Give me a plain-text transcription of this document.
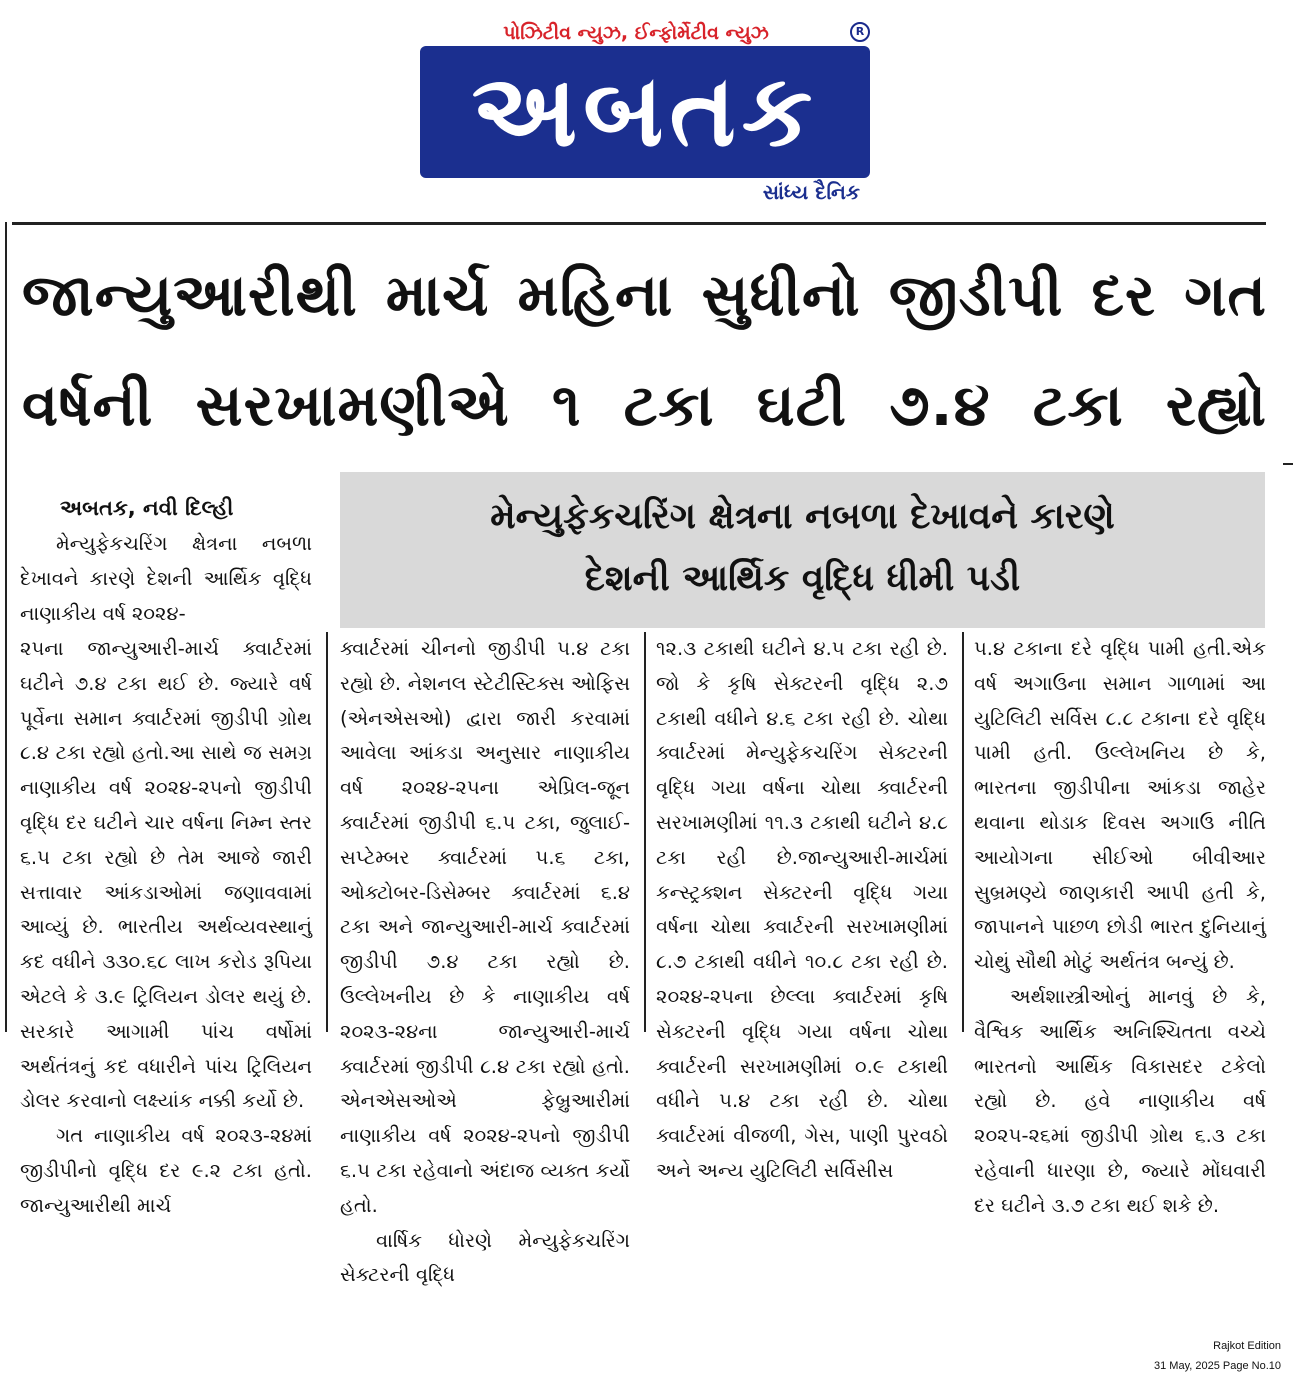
પોઝિટીવ ન્યુઝ, ઈન્ફોર્મેટીવ ન્યુઝ	R
અબતક
સાંધ્ય દૈનિક
જાન્યુઆરીથી માર્ચ મહિના સુધીનો જીડીપી દર ગત
વર્ષની સરખામણીએ ૧ ટકા ઘટી ૭.૪ ટકા રહ્યો
મેન્યુફેકચરિંગ ક્ષેત્રના નબળા દેખાવને કારણે
દેશની આર્થિક વૃદ્ધિ ધીમી પડી
અબતક, નવી દિલ્હી

મેન્યુફેકચરિંગ ક્ષેત્રના નબળા દેખાવને કારણે દેશની આર્થિક વૃદ્ધિ નાણાકીય વર્ષ ૨૦૨૪-

૨૫ના જાન્યુઆરી-માર્ચ ક્વાર્ટરમાં ઘટીને ૭.૪ ટકા થઈ છે. જ્યારે વર્ષ પૂર્વેના સમાન ક્વાર્ટરમાં જીડીપી ગ્રોથ ૮.૪ ટકા રહ્યો હતો.આ સાથે જ સમગ્ર નાણાકીય વર્ષ ૨૦૨૪-૨૫નો જીડીપી વૃદ્ધિ દર ઘટીને ચાર વર્ષના નિમ્ન સ્તર ૬.૫ ટકા રહ્યો છે તેમ આજે જારી સત્તાવાર આંકડાઓમાં જણાવવામાં આવ્યું છે. ભારતીય અર્થવ્યવસ્થાનું કદ વધીને ૩૩૦.૬૮ લાખ કરોડ રૂપિયા એટલે કે ૩.૯ ટ્રિલિયન ડોલર થયું છે. સરકારે આગામી પાંચ વર્ષોમાં અર્થતંત્રનું કદ વધારીને પાંચ ટ્રિલિયન ડોલર કરવાનો લક્ષ્યાંક નક્કી કર્યો છે.

ગત નાણાકીય વર્ષ ૨૦૨૩-૨૪માં જીડીપીનો વૃદ્ધિ દર ૯.૨ ટકા હતો. જાન્યુઆરીથી માર્ચ

ક્વાર્ટરમાં ચીનનો જીડીપી ૫.૪ ટકા રહ્યો છે. નેશનલ સ્ટેટીસ્ટિક્સ ઓફિસ (એનએસઓ) દ્વારા જારી કરવામાં આવેલા આંકડા અનુસાર નાણાકીય વર્ષ ૨૦૨૪-૨૫ના એપ્રિલ-જૂન ક્વાર્ટરમાં જીડીપી ૬.૫ ટકા, જુલાઈ-સપ્ટેમ્બર ક્વાર્ટરમાં ૫.૬ ટકા, ઓક્ટોબર-ડિસેમ્બર ક્વાર્ટરમાં ૬.૪ ટકા અને જાન્યુઆરી-માર્ચ ક્વાર્ટરમાં જીડીપી ૭.૪ ટકા રહ્યો છે. ઉલ્લેખનીય છે કે નાણાકીય વર્ષ ૨૦૨૩-૨૪ના જાન્યુઆરી-માર્ચ ક્વાર્ટરમાં જીડીપી ૮.૪ ટકા રહ્યો હતો. એનએસઓએ ફેબ્રુઆરીમાં નાણાકીય વર્ષ ૨૦૨૪-૨૫નો જીડીપી ૬.૫ ટકા રહેવાનો અંદાજ વ્યક્ત કર્યો હતો.

વાર્ષિક ધોરણે મેન્યુફેકચરિંગ સેક્ટરની વૃદ્ધિ

૧૨.૩ ટકાથી ઘટીને ૪.૫ ટકા રહી છે. જો કે કૃષિ સેક્ટરની વૃદ્ધિ ૨.૭ ટકાથી વધીને ૪.૬ ટકા રહી છે. ચોથા ક્વાર્ટરમાં મેન્યુફેકચરિંગ સેક્ટરની વૃદ્ધિ ગયા વર્ષના ચોથા ક્વાર્ટરની સરખામણીમાં ૧૧.૩ ટકાથી ઘટીને ૪.૮ ટકા રહી છે.જાન્યુઆરી-માર્ચમાં કન્સ્ટ્રક્શન સેક્ટરની વૃદ્ધિ ગયા વર્ષના ચોથા ક્વાર્ટરની સરખામણીમાં ૮.૭ ટકાથી વધીને ૧૦.૮ ટકા રહી છે. ૨૦૨૪-૨૫ના છેલ્લા ક્વાર્ટરમાં કૃષિ સેક્ટરની વૃદ્ધિ ગયા વર્ષના ચોથા ક્વાર્ટરની સરખામણીમાં ૦.૯ ટકાથી વધીને ૫.૪ ટકા રહી છે. ચોથા ક્વાર્ટરમાં વીજળી, ગેસ, પાણી પુરવઠો અને અન્ય યુટિલિટી સર્વિસીસ

૫.૪ ટકાના દરે વૃદ્ધિ પામી હતી.એક વર્ષ અગાઉના સમાન ગાળામાં આ યુટિલિટી સર્વિસ ૮.૮ ટકાના દરે વૃદ્ધિ પામી હતી. ઉલ્લેખનિય છે કે, ભારતના જીડીપીના આંકડા જાહેર થવાના થોડાક દિવસ અગાઉ નીતિ આયોગના સીઈઓ બીવીઆર સુબ્રમણ્યે જાણકારી આપી હતી કે, જાપાનને પાછળ છોડી ભારત દુનિયાનું ચોથું સૌથી મોટું અર્થતંત્ર બન્યું છે.

અર્થશાસ્ત્રીઓનું માનવું છે કે, વૈશ્વિક આર્થિક અનિશ્ચિતતા વચ્ચે ભારતનો આર્થિક વિકાસદર ટકેલો રહ્યો છે. હવે નાણાકીય વર્ષ ૨૦૨૫-૨૬માં જીડીપી ગ્રોથ ૬.૩ ટકા રહેવાની ધારણા છે, જ્યારે મોંઘવારી દર ઘટીને ૩.૭ ટકા થઈ શકે છે.

Rajkot Edition
31 May, 2025 Page No.10
